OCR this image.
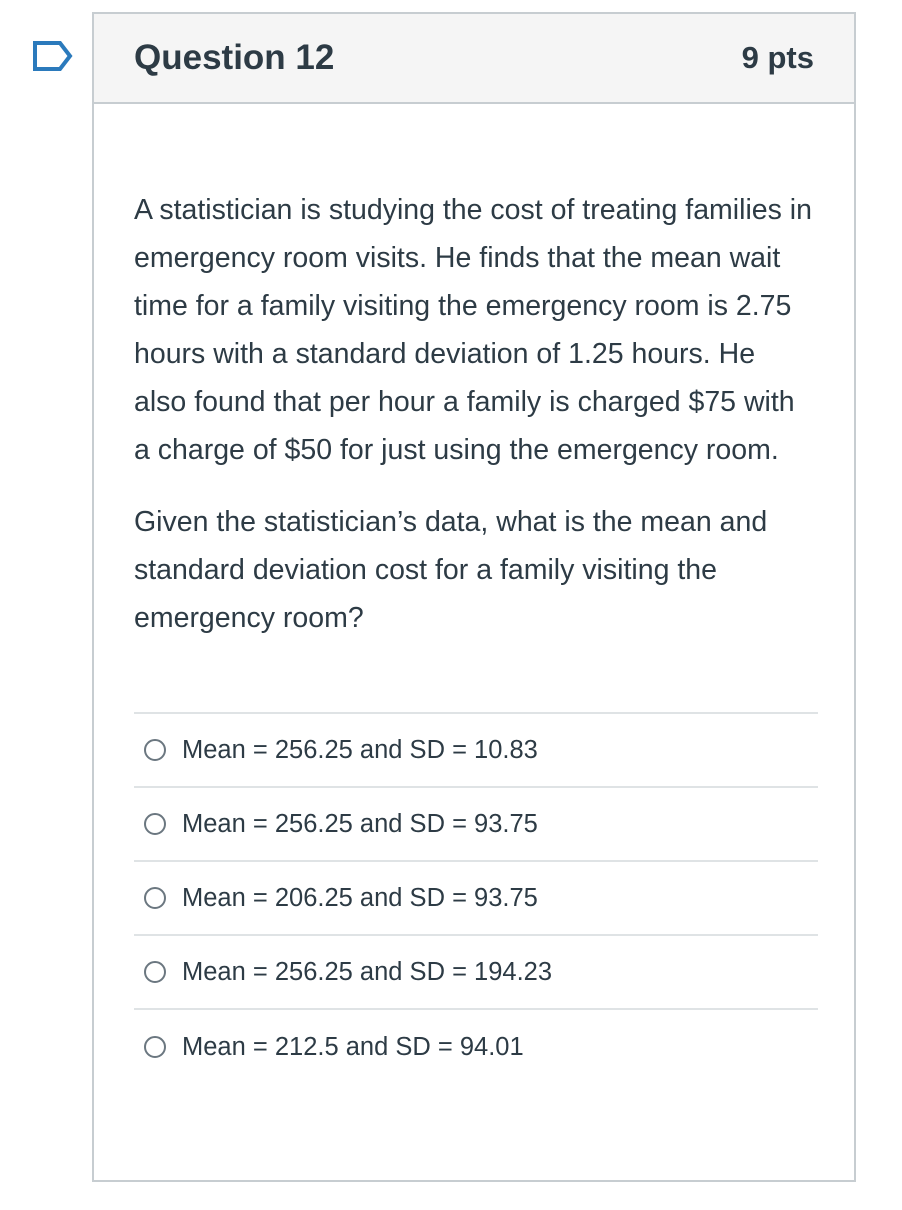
Question 12	9 pts

A statistician is studying the cost of treating families in emergency room visits. He finds that the mean wait time for a family visiting the emergency room is 2.75 hours with a standard deviation of 1.25 hours. He also found that per hour a family is charged $75 with a charge of $50 for just using the emergency room.

Given the statistician’s data, what is the mean and standard deviation cost for a family visiting the emergency room?

Mean = 256.25 and SD = 10.83
Mean = 256.25 and SD = 93.75
Mean = 206.25 and SD = 93.75
Mean = 256.25 and SD = 194.23
Mean = 212.5 and SD = 94.01
